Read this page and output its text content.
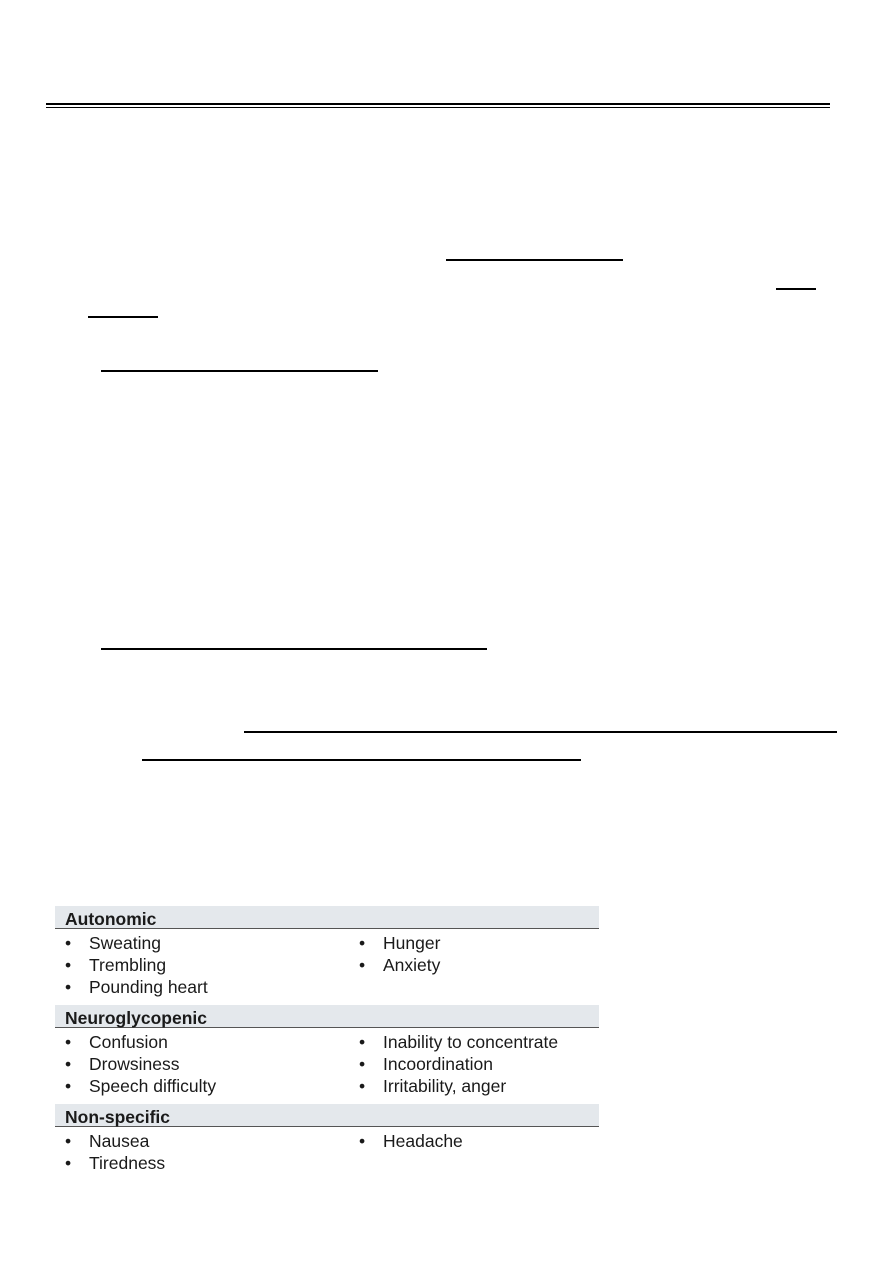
Autonomic
• Sweating
• Trembling
• Pounding heart
• Hunger
• Anxiety
Neuroglycopenic
• Confusion
• Drowsiness
• Speech difficulty
• Inability to concentrate
• Incoordination
• Irritability, anger
Non-specific
• Nausea
• Tiredness
• Headache
